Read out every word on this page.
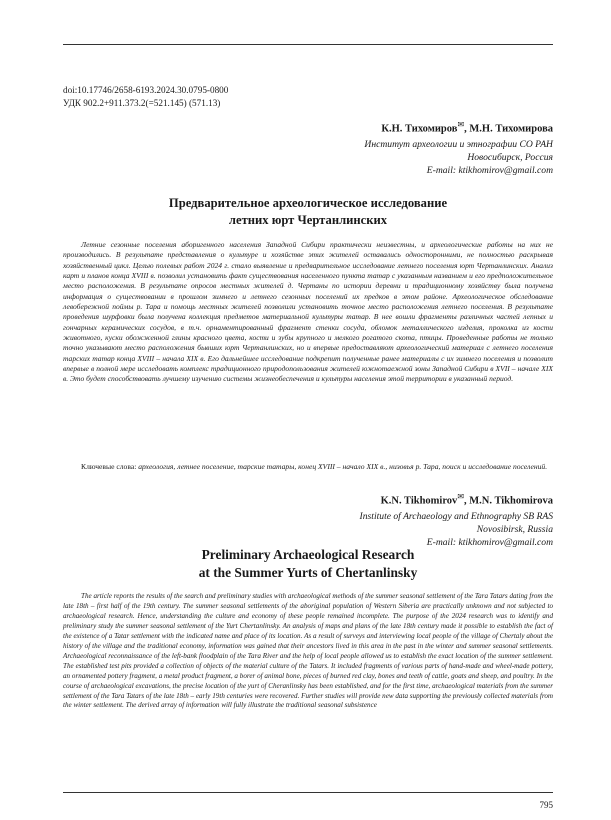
doi:10.17746/2658-6193.2024.30.0795-0800
УДК 902.2+911.373.2(=521.145) (571.13)
К.Н. Тихомиров✉, М.Н. Тихомирова
Институт археологии и этнографии СО РАН
Новосибирск, Россия
E-mail: ktikhomirov@gmail.com
Предварительное археологическое исследование
летних юрт Чертанлинских

Летние сезонные поселения аборигенного населения Западной Сибири практически неизвестны, и археологические работы на них не производились. В результате представления о культуре и хозяйстве этих жителей оставались односторонними, не полностью раскрывая хозяйственный цикл. Целью полевых работ 2024 г. стало выявление и предварительное исследование летнего поселения юрт Чертанлинских. Анализ карт и планов конца XVIII в. позволил установить факт существования населенного пункта татар с указанным названием и его предположительное место расположения. В результате опросов местных жителей д. Чертаны по истории деревни и традиционному хозяйству была получена информация о существовании в прошлом зимнего и летнего сезонных поселений их предков в этом районе. Археологическое обследование левобережной поймы р. Тара и помощь местных жителей позволили установить точное место расположения летнего поселения. В результате проведения шурфовки была получена коллекция предметов материальной культуры татар. В нее вошли фрагменты различных частей лепных и гончарных керамических сосудов, в т.ч. орнаментированный фрагмент стенки сосуда, обломок металлического изделия, проколка из кости животного, куски обожженной глины красного цвета, кости и зубы крупного и мелкого рогатого скота, птицы. Проведенные работы не только точно указывают место расположения бывших юрт Чертанлинских, но и впервые предоставляют археологический материал с летнего поселения тарских татар конца XVIII – начала XIX в. Его дальнейшее исследование подкрепит полученные ранее материалы с их зимнего поселения и позволит впервые в полной мере исследовать комплекс традиционного природопользования жителей южнотаежной зоны Западной Сибири в XVII – начале XIX в. Это будет способствовать лучшему изучению системы жизнеобеспечения и культуры населения этой территории в указанный период.

Ключевые слова: археология, летнее поселение, тарские татары, конец XVIII – начало XIX в., низовья р. Тара, поиск и исследование поселений.
K.N. Tikhomirov✉, M.N. Tikhomirova
Institute of Archaeology and Ethnography SB RAS
Novosibirsk, Russia
E-mail: ktikhomirov@gmail.com
Preliminary Archaeological Research
at the Summer Yurts of Chertanlinsky

The article reports the results of the search and preliminary studies with archaeological methods of the summer seasonal settlement of the Tara Tatars dating from the late 18th – first half of the 19th century. The summer seasonal settlements of the aboriginal population of Western Siberia are practically unknown and not subjected to archaeological research. Hence, understanding the culture and economy of these people remained incomplete. The purpose of the 2024 research was to identify and preliminary study the summer seasonal settlement of the Yurt Chertanlinsky. An analysis of maps and plans of the late 18th century made it possible to establish the fact of the existence of a Tatar settlement with the indicated name and place of its location. As a result of surveys and interviewing local people of the village of Chertaly about the history of the village and the traditional economy, information was gained that their ancestors lived in this area in the past in the winter and summer seasonal settlements. Archaeological reconnaissance of the left-bank floodplain of the Tara River and the help of local people allowed us to establish the exact location of the summer settlement. The established test pits provided a collection of objects of the material culture of the Tatars. It included fragments of various parts of hand-made and wheel-made pottery, an ornamented pottery fragment, a metal product fragment, a borer of animal bone, pieces of burned red clay, bones and teeth of cattle, goats and sheep, and poultry. In the course of archaeological excavations, the precise location of the yurt of Cheranlinsky has been established, and for the first time, archaeological materials from the summer settlement of the Tara Tatars of the late 18th – early 19th centuries were recovered. Further studies will provide new data supporting the previously collected materials from the winter settlement. The derived array of information will fully illustrate the traditional seasonal subsistence

795
